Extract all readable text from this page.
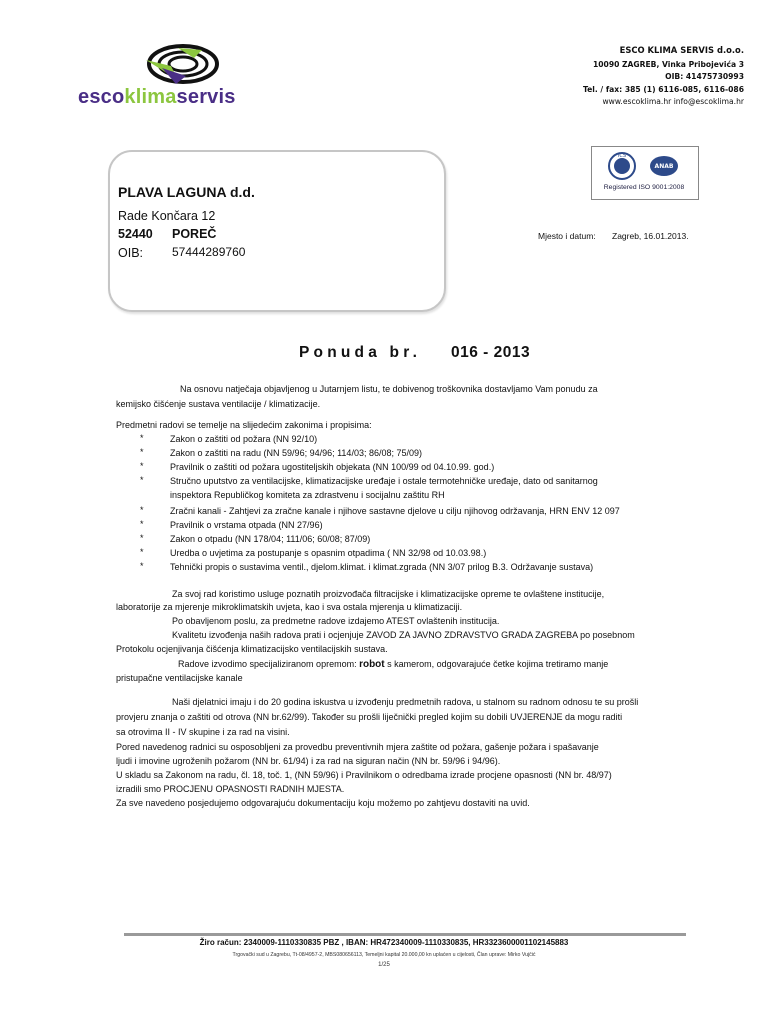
escoklimaservis
ESCO KLIMA SERVIS d.o.o.
10090 ZAGREB, Vinka Pribojevića 3
OIB: 41475730993
Tel. / fax: 385 (1) 6116-085, 6116-086
www.escoklima.hr info@escoklima.hr
PLAVA LAGUNA d.d.
Rade Končara 12
52440 POREČ
OIB: 57444289760
ICS
ANAB
Registered ISO 9001:2008
Mjesto i datum: Zagreb, 16.01.2013.
Ponuda br. 016 - 2013
Na osnovu natječaja objavljenog u Jutarnjem listu, te dobivenog troškovnika dostavljamo Vam ponudu za
kemijsko čišćenje sustava ventilacije / klimatizacije.
Predmetni radovi se temelje na slijedećim zakonima i propisima:
*	Zakon o zaštiti od požara (NN 92/10)
*	Zakon o zaštiti na radu (NN 59/96; 94/96; 114/03; 86/08; 75/09)
*	Pravilnik o zaštiti od požara ugostiteljskih objekata (NN 100/99 od 04.10.99. god.)
*	Stručno uputstvo za ventilacijske, klimatizacijske uređaje i ostale termotehničke uređaje, dato od sanitarnog
inspektora Republičkog komiteta za zdrastvenu i socijalnu zaštitu RH
*	Zračni kanali - Zahtjevi za zračne kanale i njihove sastavne djelove u cilju njihovog održavanja, HRN ENV 12 097
*	Pravilnik o vrstama otpada (NN 27/96)
*	Zakon o otpadu (NN 178/04; 111/06; 60/08; 87/09)
*	Uredba o uvjetima za postupanje s opasnim otpadima ( NN 32/98 od 10.03.98.)
*	Tehnički propis o sustavima ventil., djelom.klimat. i klimat.zgrada (NN 3/07 prilog B.3. Održavanje sustava)
Za svoj rad koristimo usluge poznatih proizvođača filtracijske i klimatizacijske opreme te ovlaštene institucije,
laboratorije za mjerenje mikroklimatskih uvjeta, kao i sva ostala mjerenja u klimatizaciji.
Po obavljenom poslu, za predmetne radove izdajemo ATEST ovlaštenih institucija.
Kvalitetu izvođenja naših radova prati i ocjenjuje ZAVOD ZA JAVNO ZDRAVSTVO GRADA ZAGREBA po posebnom
Protokolu ocjenjivanja čišćenja klimatizacijsko ventilacijskih sustava.
Radove izvodimo specijaliziranom opremom: robot s kamerom, odgovarajuće četke kojima tretiramo manje
pristupačne ventilacijske kanale
Naši djelatnici imaju i do 20 godina iskustva u izvođenju predmetnih radova, u stalnom su radnom odnosu te su prošli
provjeru znanja o zaštiti od otrova (NN br.62/99). Također su prošli liječnički pregled kojim su dobili UVJERENJE da mogu raditi
sa otrovima II - IV skupine i za rad na visini.
Pored navedenog radnici su osposobljeni za provedbu preventivnih mjera zaštite od požara, gašenje požara i spašavanje
ljudi i imovine ugroženih požarom (NN br. 61/94) i za rad na siguran način (NN br. 59/96 i 94/96).
U skladu sa Zakonom na radu, čl. 18, toč. 1, (NN 59/96) i Pravilnikom o odredbama izrade procjene opasnosti (NN br. 48/97)
izradili smo PROCJENU OPASNOSTI RADNIH MJESTA.
Za sve navedeno posjedujemo odgovarajuću dokumentaciju koju možemo po zahtjevu dostaviti na uvid.
Žiro račun: 2340009-1110330835 PBZ , IBAN: HR472340009-1110330835, HR3323600001102145883
Trgovački sud u Zagrebu, Tt-08/4957-2, MBS080656113, Temeljni kapital 20.000,00 kn uplaćen u cijelosti, Član uprave: Mirko Vujčić
1/25
